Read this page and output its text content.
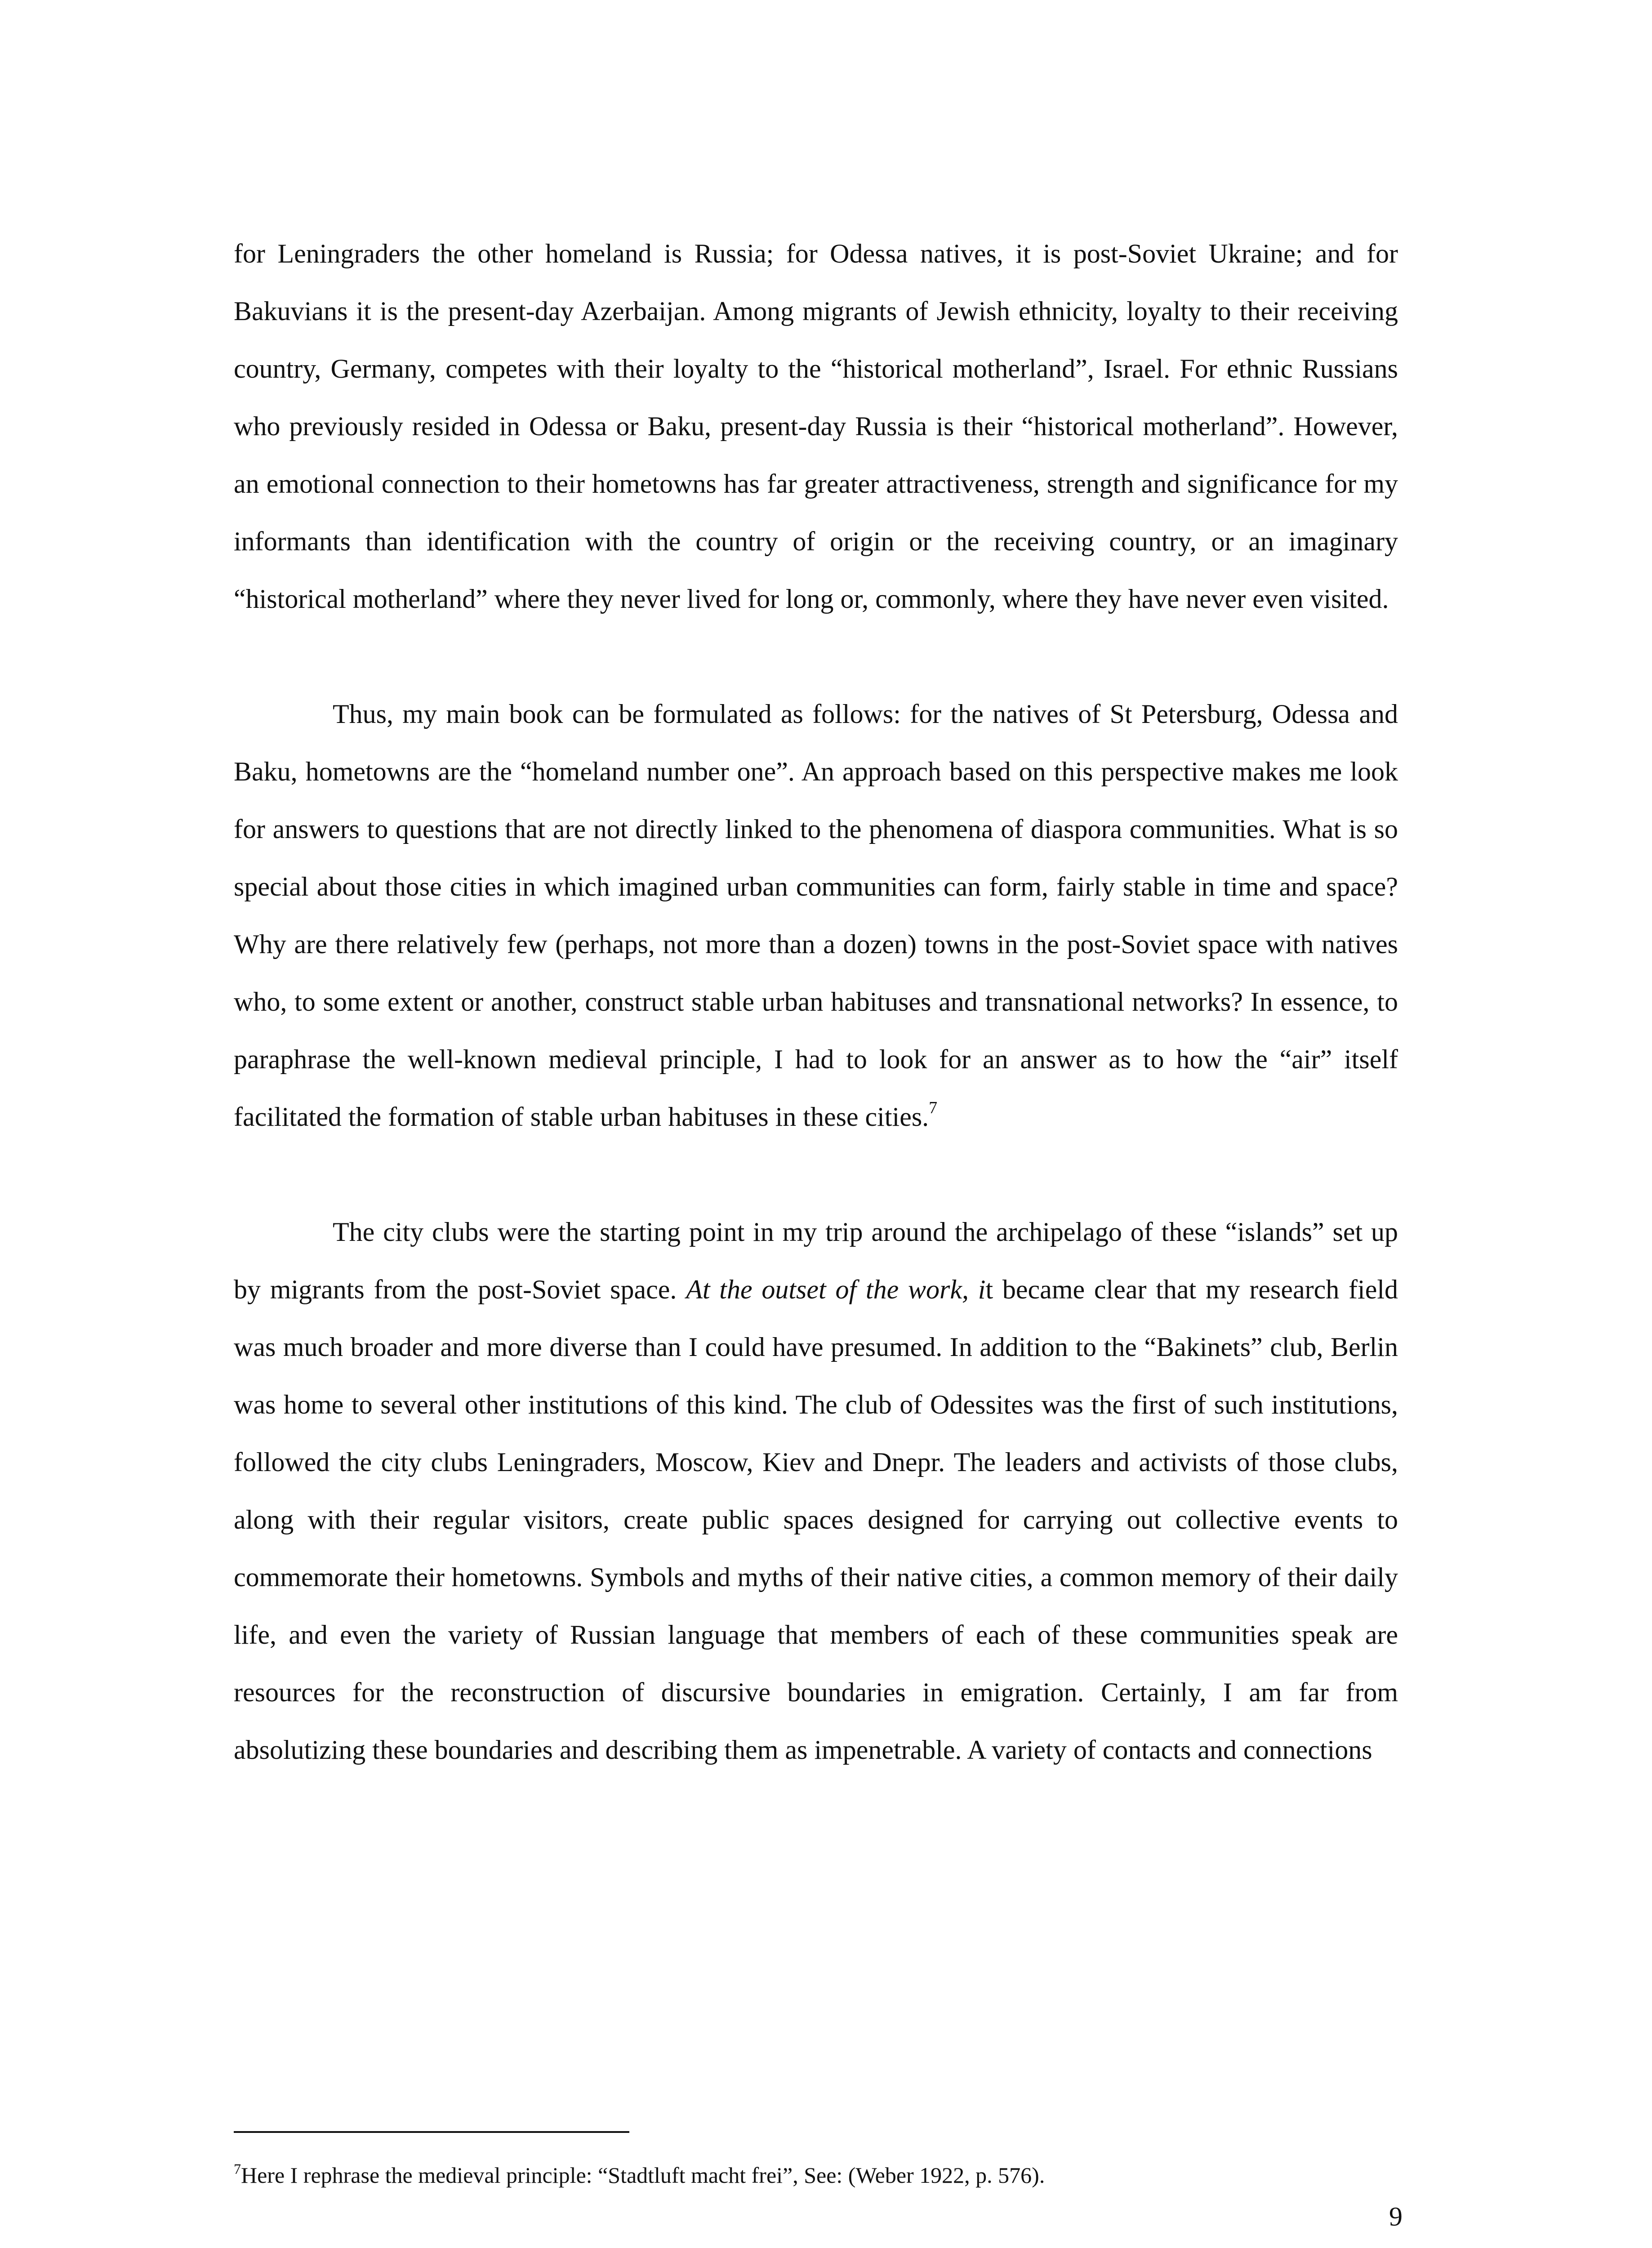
for Leningraders the other homeland is Russia; for Odessa natives, it is post-Soviet Ukraine; and for Bakuvians it is the present-day Azerbaijan. Among migrants of Jewish ethnicity, loyalty to their receiving country, Germany, competes with their loyalty to the “historical motherland”, Israel. For ethnic Russians who previously resided in Odessa or Baku, present-day Russia is their “historical motherland”. However, an emotional connection to their hometowns has far greater attractiveness, strength and significance for my informants than identification with the country of origin or the receiving country, or an imaginary “historical motherland” where they never lived for long or, commonly, where they have never even visited.

Thus, my main book can be formulated as follows: for the natives of St Petersburg, Odessa and Baku, hometowns are the “homeland number one”. An approach based on this perspective makes me look for answers to questions that are not directly linked to the phenomena of diaspora communities. What is so special about those cities in which imagined urban communities can form, fairly stable in time and space? Why are there relatively few (perhaps, not more than a dozen) towns in the post-Soviet space with natives who, to some extent or another, construct stable urban habituses and transnational networks? In essence, to paraphrase the well-known medieval principle, I had to look for an answer as to how the “air” itself facilitated the formation of stable urban habituses in these cities.$^7$

The city clubs were the starting point in my trip around the archipelago of these “islands” set up by migrants from the post-Soviet space. At the outset of the work, it became clear that my research field was much broader and more diverse than I could have presumed. In addition to the “Bakinets” club, Berlin was home to several other institutions of this kind. The club of Odessites was the first of such institutions, followed the city clubs Leningraders, Moscow, Kiev and Dnepr. The leaders and activists of those clubs, along with their regular visitors, create public spaces designed for carrying out collective events to commemorate their hometowns. Symbols and myths of their native cities, a common memory of their daily life, and even the variety of Russian language that members of each of these communities speak are resources for the reconstruction of discursive boundaries in emigration. Certainly, I am far from absolutizing these boundaries and describing them as impenetrable. A variety of contacts and connections

$^7$Here I rephrase the medieval principle: “Stadtluft macht frei”, See: (Weber 1922, p. 576).

9
